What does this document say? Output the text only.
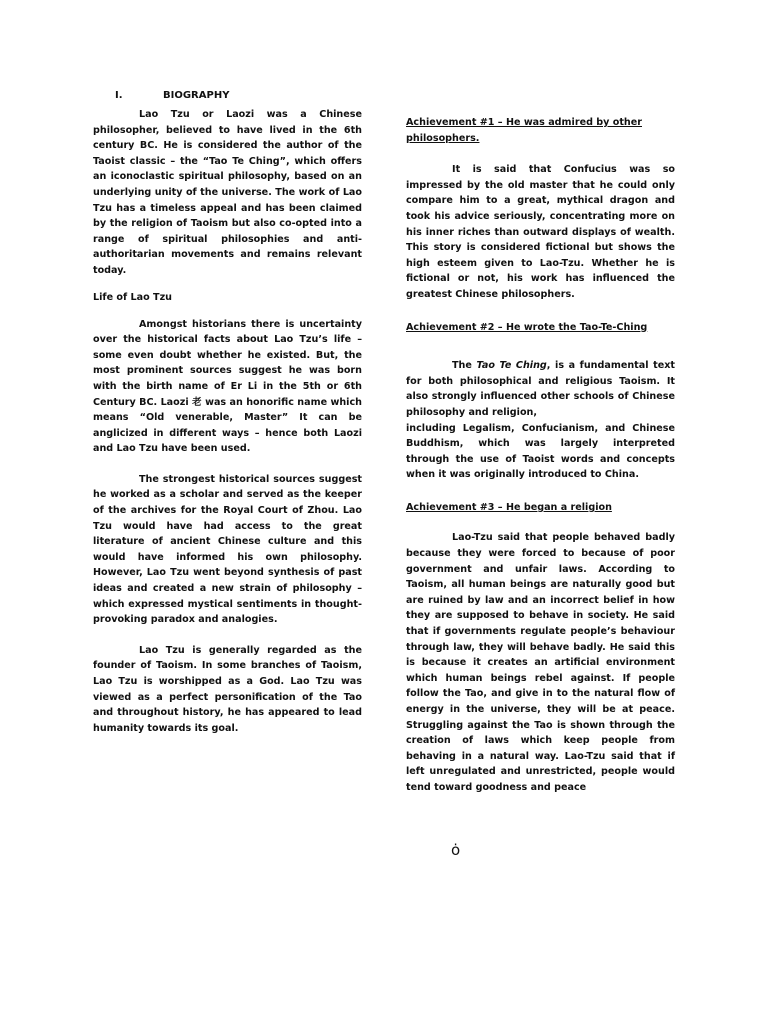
I.	BIOGRAPHY

Lao Tzu or Laozi was a Chinese philosopher, believed to have lived in the 6th century BC. He is considered the author of the Taoist classic – the “Tao Te Ching”, which offers an iconoclastic spiritual philosophy, based on an underlying unity of the universe. The work of Lao Tzu has a timeless appeal and has been claimed by the religion of Taoism but also co-opted into a range of spiritual philosophies and anti-authoritarian movements and remains relevant today.

Life of Lao Tzu

Amongst historians there is uncertainty over the historical facts about Lao Tzu’s life – some even doubt whether he existed. But, the most prominent sources suggest he was born with the birth name of Er Li in the 5th or 6th Century BC. Laozi 老 was an honorific name which means “Old venerable, Master” It can be anglicized in different ways – hence both Laozi and Lao Tzu have been used.

The strongest historical sources suggest he worked as a scholar and served as the keeper of the archives for the Royal Court of Zhou. Lao Tzu would have had access to the great literature of ancient Chinese culture and this would have informed his own philosophy. However, Lao Tzu went beyond synthesis of past ideas and created a new strain of philosophy – which expressed mystical sentiments in thought-provoking paradox and analogies.

Lao Tzu is generally regarded as the founder of Taoism. In some branches of Taoism, Lao Tzu is worshipped as a God. Lao Tzu was viewed as a perfect personification of the Tao and throughout history, he has appeared to lead humanity towards its goal.

Achievement #1 – He was admired by other philosophers.

It is said that Confucius was so impressed by the old master that he could only compare him to a great, mythical dragon and took his advice seriously, concentrating more on his inner riches than outward displays of wealth. This story is considered fictional but shows the high esteem given to Lao-Tzu. Whether he is fictional or not, his work has influenced the greatest Chinese philosophers.

Achievement #2 – He wrote the Tao-Te-Ching

The Tao Te Ching, is a fundamental text for both philosophical and religious Taoism. It also strongly influenced other schools of Chinese philosophy and religion,

including Legalism, Confucianism, and Chinese Buddhism, which was largely interpreted through the use of Taoist words and concepts when it was originally introduced to China.

Achievement #3 – He began a religion

Lao-Tzu said that people behaved badly because they were forced to because of poor government and unfair laws. According to Taoism, all human beings are naturally good but are ruined by law and an incorrect belief in how they are supposed to behave in society. He said that if governments regulate people’s behaviour through law, they will behave badly. He said this is because it creates an artificial environment which human beings rebel against. If people follow the Tao, and give in to the natural flow of energy in the universe, they will be at peace. Struggling against the Tao is shown through the creation of laws which keep people from behaving in a natural way. Lao-Tzu said that if left unregulated and unrestricted, people would tend toward goodness and peace

ȯ
